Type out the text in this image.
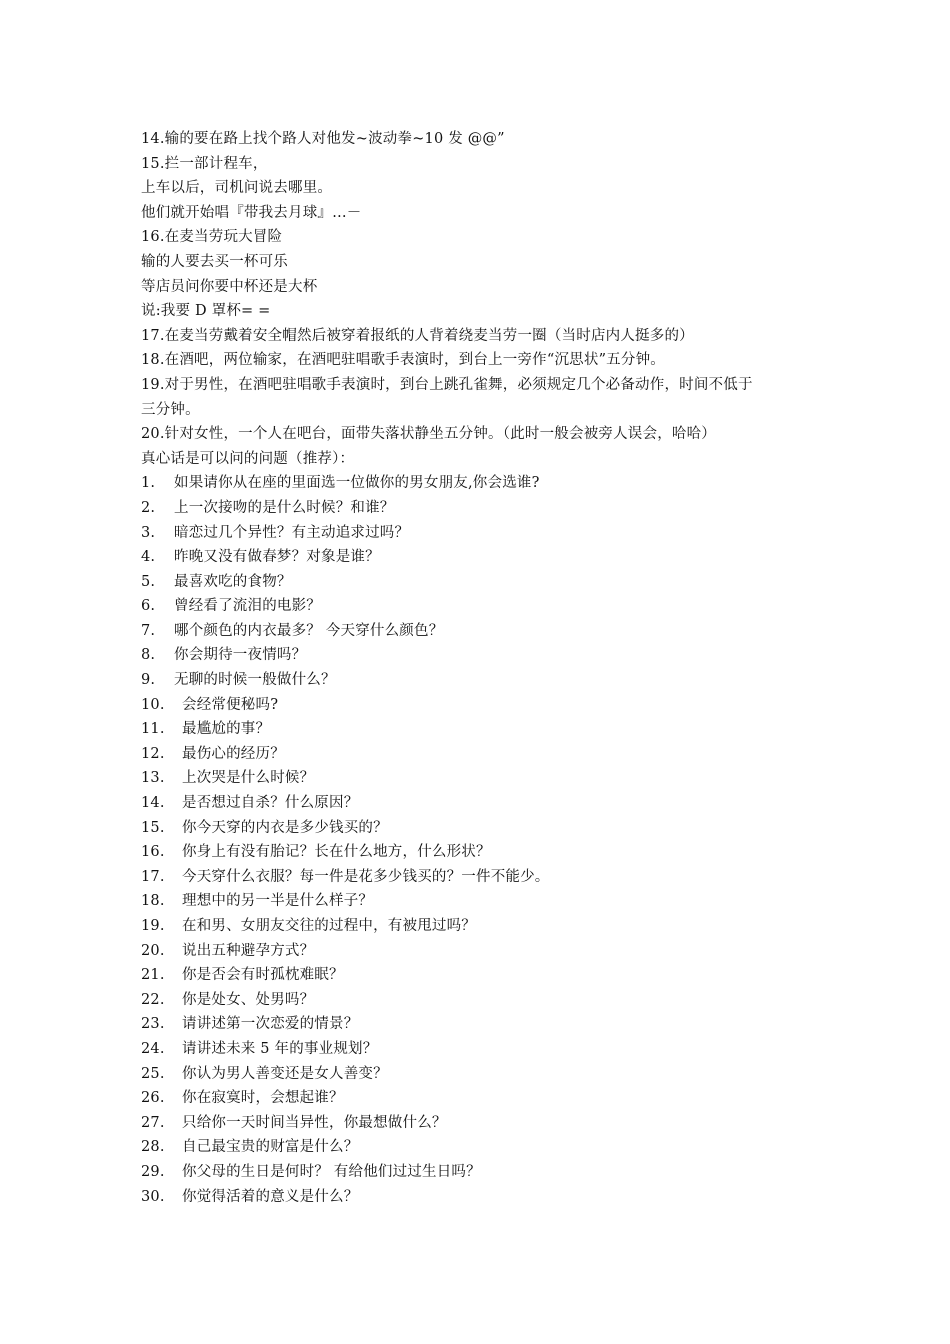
14.输的要在路上找个路人对他发~波动拳~10 发 @@”
15.拦一部计程车，
上车以后，司机问说去哪里。
他们就开始唱『带我去月球』…－
16.在麦当劳玩大冒险
输的人要去买一杯可乐
等店员问你要中杯还是大杯
说:我要 D 罩杯= =
17.在麦当劳戴着安全帽然后被穿着报纸的人背着绕麦当劳一圈（当时店内人挺多的）
18.在酒吧，两位输家，在酒吧驻唱歌手表演时，到台上一旁作“沉思状”五分钟。
19.对于男性，在酒吧驻唱歌手表演时，到台上跳孔雀舞，必须规定几个必备动作，时间不低于
三分钟。
20.针对女性，一个人在吧台，面带失落状静坐五分钟。（此时一般会被旁人误会，哈哈）
真心话是可以问的问题（推荐）：
1. 如果请你从在座的里面选一位做你的男女朋友,你会选谁?
2. 上一次接吻的是什么时候？和谁？
3. 暗恋过几个异性？有主动追求过吗？
4. 昨晚又没有做春梦？对象是谁？
5. 最喜欢吃的食物？
6. 曾经看了流泪的电影？
7. 哪个颜色的内衣最多？ 今天穿什么颜色？
8. 你会期待一夜情吗？
9. 无聊的时候一般做什么？
10. 会经常便秘吗?
11. 最尴尬的事？
12. 最伤心的经历？
13. 上次哭是什么时候？
14. 是否想过自杀？什么原因？
15. 你今天穿的内衣是多少钱买的？
16. 你身上有没有胎记？长在什么地方，什么形状？
17. 今天穿什么衣服？每一件是花多少钱买的？一件不能少。
18. 理想中的另一半是什么样子？
19. 在和男、女朋友交往的过程中，有被甩过吗？
20. 说出五种避孕方式？
21. 你是否会有时孤枕难眠？
22. 你是处女、处男吗？
23. 请讲述第一次恋爱的情景？
24. 请讲述未来 5 年的事业规划？
25. 你认为男人善变还是女人善变？
26. 你在寂寞时，会想起谁？
27. 只给你一天时间当异性，你最想做什么？
28. 自己最宝贵的财富是什么？
29. 你父母的生日是何时？ 有给他们过过生日吗？
30. 你觉得活着的意义是什么？
